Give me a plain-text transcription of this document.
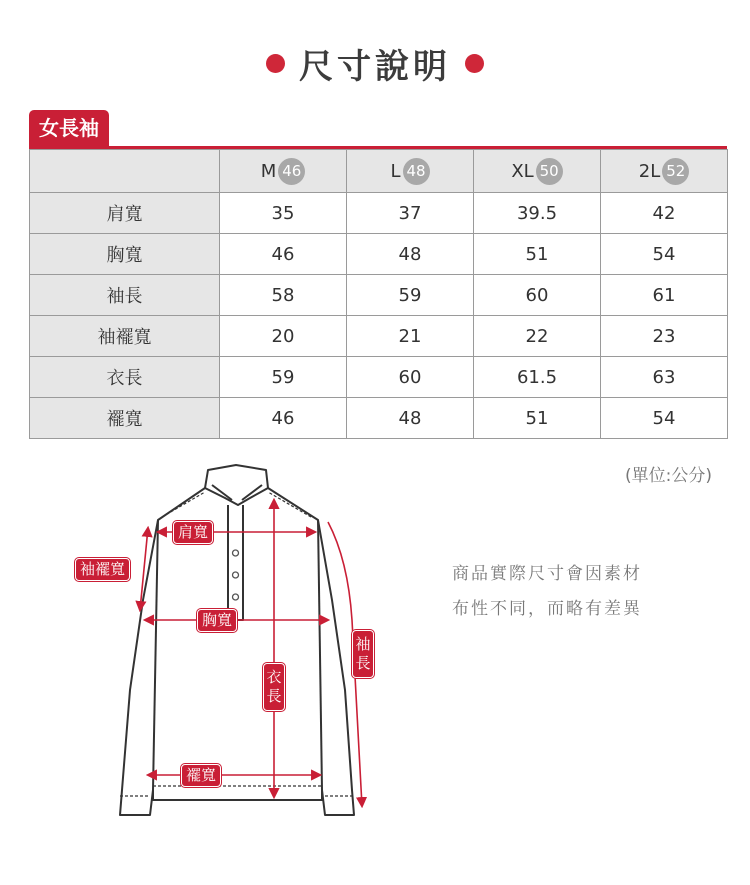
尺寸說明
女長袖

	M 46	L 48	XL 50	2L 52

肩寬	35	37	39.5	42
胸寬	46	48	51	54
袖長	58	59	60	61
袖襬寬	20	21	22	23
衣長	59	60	61.5	63
襬寬	46	48	51	54
(單位:公分)
肩寬
袖襬寬
胸寬
袖長
衣長
襬寬
商品實際尺寸會因素材
布性不同，而略有差異
